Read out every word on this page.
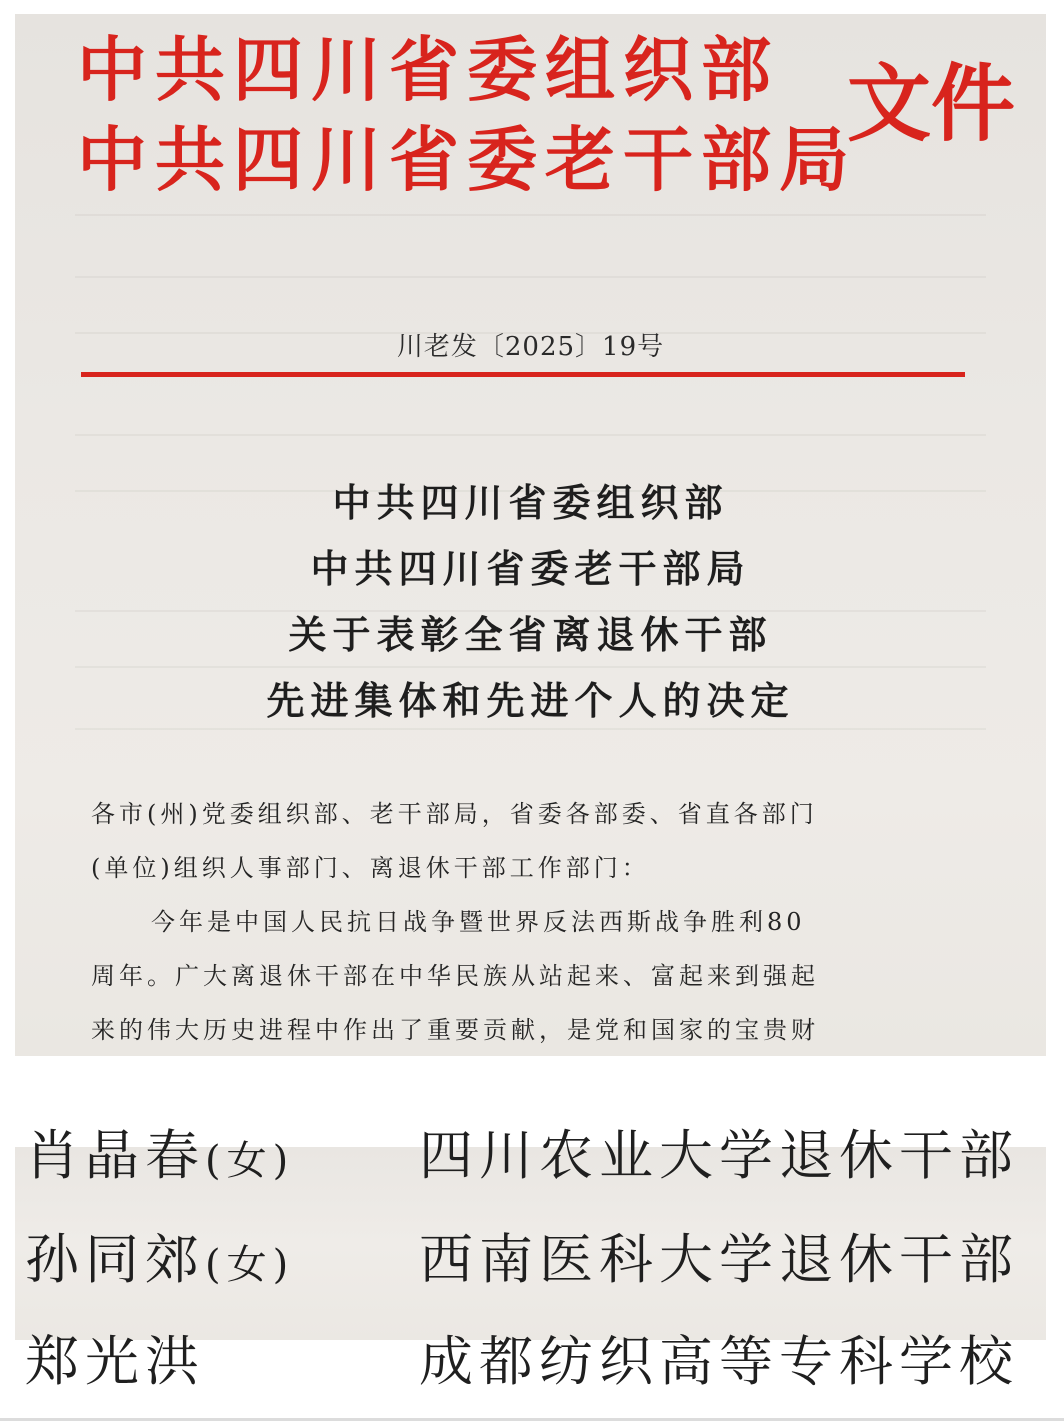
中共四川省委组织部
中共四川省委老干部局
文件
川老发〔2025〕19号
中共四川省委组织部
中共四川省委老干部局
关于表彰全省离退休干部
先进集体和先进个人的决定
各市(州)党委组织部、老干部局，省委各部委、省直各部门
(单位)组织人事部门、离退休干部工作部门：
今年是中国人民抗日战争暨世界反法西斯战争胜利80
周年。广大离退休干部在中华民族从站起来、富起来到强起
来的伟大历史进程中作出了重要贡献，是党和国家的宝贵财
肖晶春(女) 四川农业大学退休干部
孙同郊(女) 西南医科大学退休干部
郑光洪	成都纺织高等专科学校
